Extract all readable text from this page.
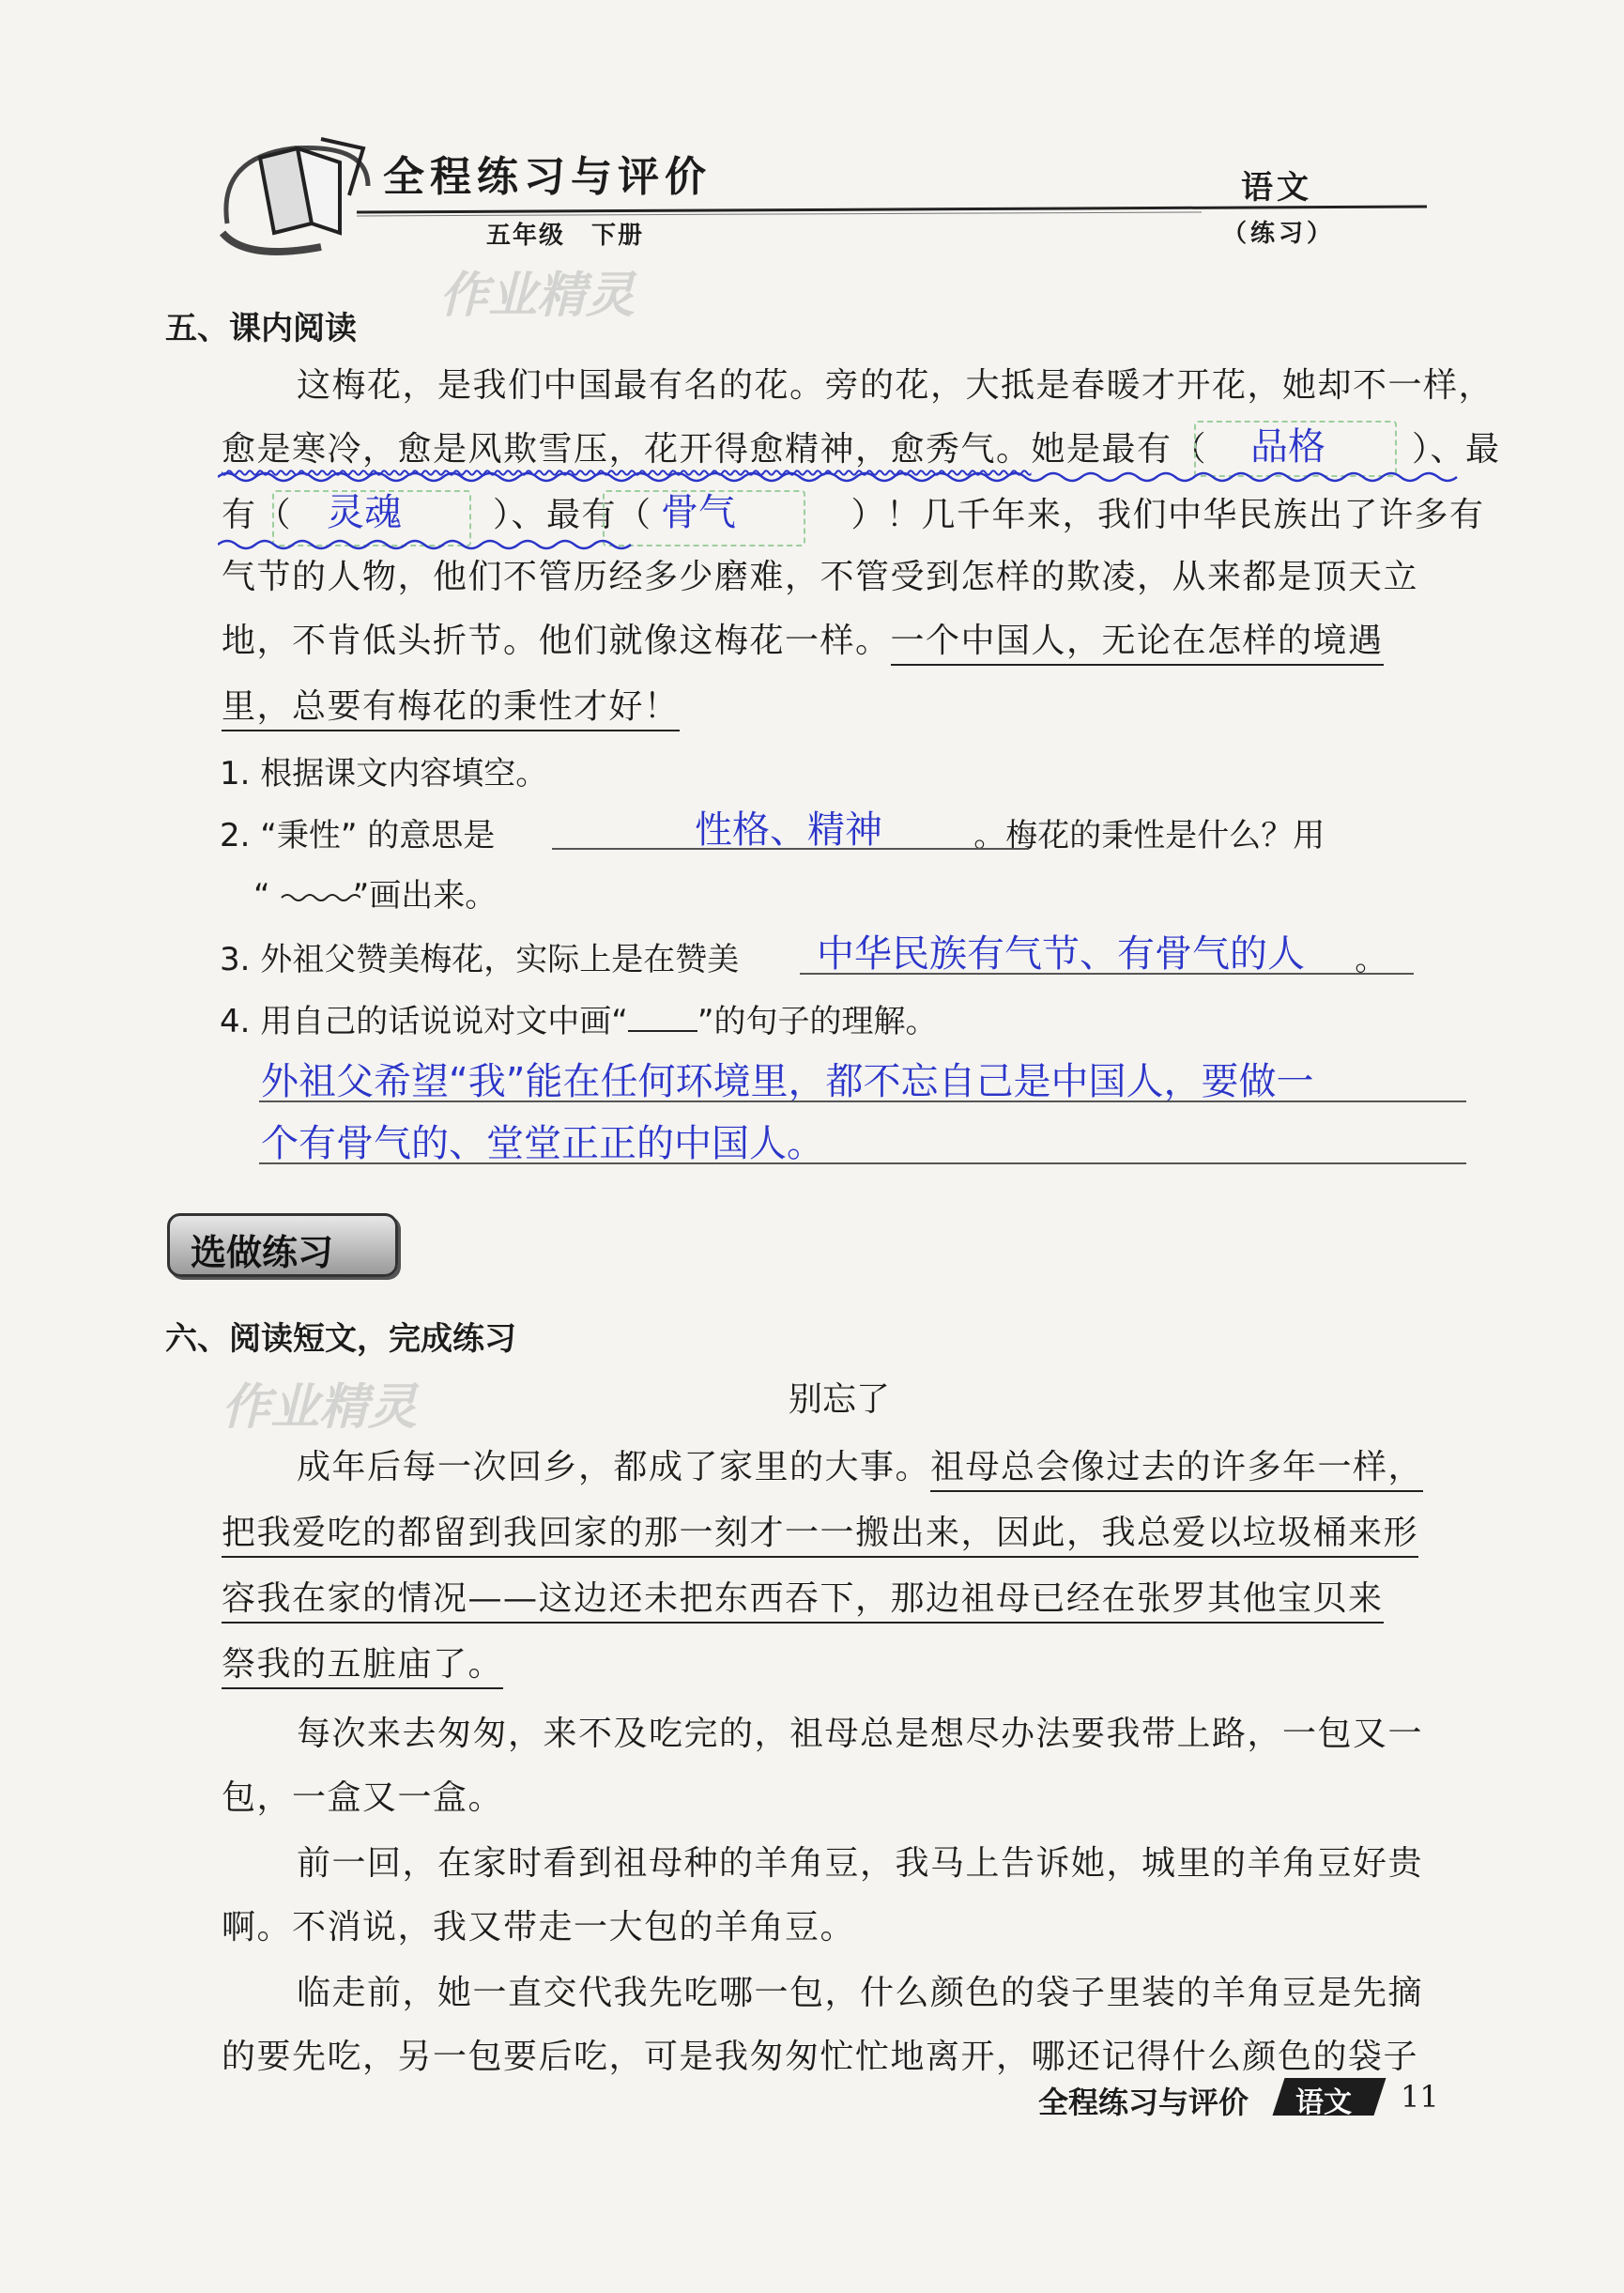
全程练习与评价
五年级　下册
语文
（练习）
作业精灵
五、课内阅读
这梅花，是我们中国最有名的花。旁的花，大抵是春暖才开花，她却不一样，
愈是寒冷，愈是风欺雪压，花开得愈精神，愈秀气。她是最有（	）、最
品格
有（	）、最有（	）！几千年来，我们中华民族出了许多有
灵魂	骨气
气节的人物，他们不管历经多少磨难，不管受到怎样的欺凌，从来都是顶天立
地，不肯低头折节。他们就像这梅花一样。一个中国人，无论在怎样的境遇
里，总要有梅花的秉性才好！
1. 根据课文内容填空。
2. “秉性” 的意思是	。梅花的秉性是什么？用
性格、精神
“	”画出来。
3. 外祖父赞美梅花，实际上是在赞美	。
中华民族有气节、有骨气的人
4. 用自己的话说说对文中画“ ”的句子的理解。
外祖父希望“我”能在任何环境里，都不忘自己是中国人，要做一
个有骨气的、堂堂正正的中国人。
选做练习
六、阅读短文，完成练习
作业精灵	别忘了
成年后每一次回乡，都成了家里的大事。祖母总会像过去的许多年一样，
把我爱吃的都留到我回家的那一刻才一一搬出来，因此，我总爱以垃圾桶来形
容我在家的情况——这边还未把东西吞下，那边祖母已经在张罗其他宝贝来
祭我的五脏庙了。
每次来去匆匆，来不及吃完的，祖母总是想尽办法要我带上路，一包又一
包，一盒又一盒。
前一回，在家时看到祖母种的羊角豆，我马上告诉她，城里的羊角豆好贵
啊。不消说，我又带走一大包的羊角豆。
临走前，她一直交代我先吃哪一包，什么颜色的袋子里装的羊角豆是先摘
的要先吃，另一包要后吃，可是我匆匆忙忙地离开，哪还记得什么颜色的袋子
全程练习与评价 语文 11
